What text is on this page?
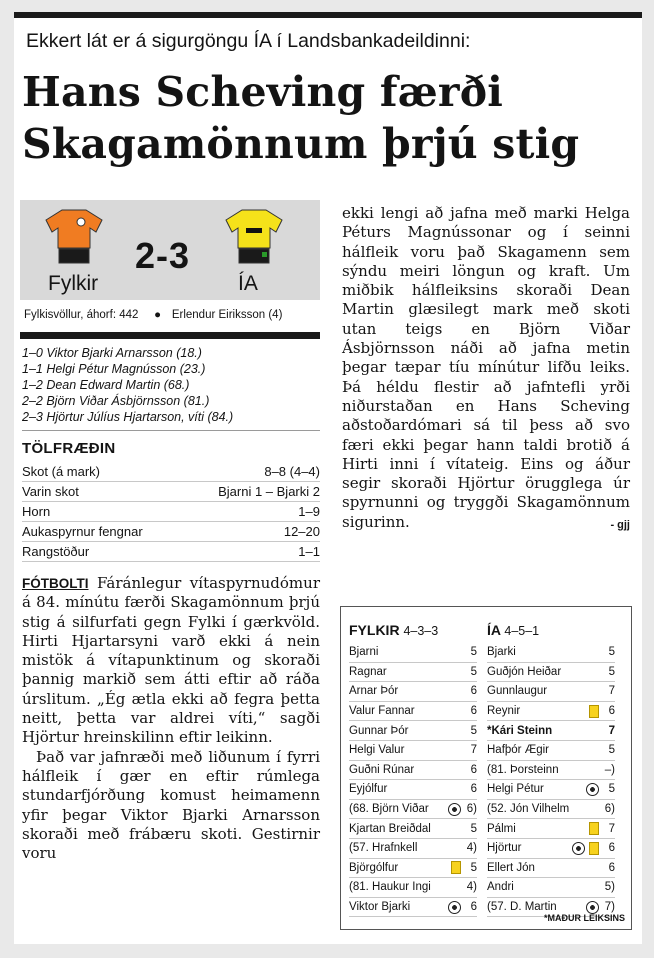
Ekkert lát er á sigurgöngu ÍA í Landsbankadeildinni:
Hans Scheving færði Skagamönnum þrjú stig
2-3
Fylkir	ÍA
Fylkisvöllur, áhorf: 442 ● Erlendur Eiriksson (4)
1–0 Viktor Bjarki Arnarsson (18.)
1–1 Helgi Pétur Magnússon (23.)
1–2 Dean Edward Martin (68.)
2–2 Björn Viðar Ásbjörnsson (81.)
2–3 Hjörtur Júlíus Hjartarson, víti (84.)
TÖLFRÆÐIN
Skot (á mark)	8–8 (4–4)
Varin skot	Bjarni 1 – Bjarki 2
Horn	1–9
Aukaspyrnur fengnar	12–20
Rangstöður	1–1

FÓTBOLTI Fáránlegur vítaspyrnudómur á 84. mínútu færði Skagamönnum þrjú stig á silfurfati gegn Fylki í gærkvöld. Hirti Hjartarsyni varð ekki á nein mistök á vítapunktinum og skoraði þannig markið sem átti eftir að ráða úrslitum. „Ég ætla ekki að fegra þetta neitt, þetta var aldrei víti,“ sagði Hjörtur hreinskilinn eftir leikinn.

Það var jafnræði með liðunum í fyrri hálfleik í gær en eftir rúmlega stundarfjórðung komust heimamenn yfir þegar Viktor Bjarki Arnarsson skoraði með frábæru skoti. Gestirnir voru

ekki lengi að jafna með marki Helga Péturs Magnússonar og í seinni hálfleik voru það Skagamenn sem sýndu meiri löngun og kraft. Um miðbik hálfleiksins skoraði Dean Martin glæsilegt mark með skoti utan teigs en Björn Viðar Ásbjörnsson náði að jafna metin þegar tæpar tíu mínútur lifðu leiks. Þá héldu flestir að jafntefli yrði niðurstaðan en Hans Scheving aðstoðardómari sá til þess að svo færi ekki þegar hann taldi brotið á Hirti inni í vítateig. Eins og áður segir skoraði Hjörtur örugglega úr spyrnunni og tryggði Skagamönnum sigurinn.	- gjj
FYLKIR 4–3–3
Bjarni	5
Ragnar	5
Arnar Þór	6
Valur Fannar	6
Gunnar Þór	5
Helgi Valur	7
Guðni Rúnar	6
Eyjólfur	6
(68. Björn Viðar	6)
Kjartan Breiðdal	5
(57. Hrafnkell	4)
Björgólfur	5
(81. Haukur Ingi	4)
Viktor Bjarki	6
ÍA 4–5–1
Bjarki	5
Guðjón Heiðar	5
Gunnlaugur	7
Reynir	6
*Kári Steinn	7
Hafþór Ægir	5
(81. Þorsteinn	–)
Helgi Pétur	5
(52. Jón Vilhelm	6)
Pálmi	7
Hjörtur	6
Ellert Jón	6
Andri	5)
(57. D. Martin	7)
*MAÐUR LEIKSINS
